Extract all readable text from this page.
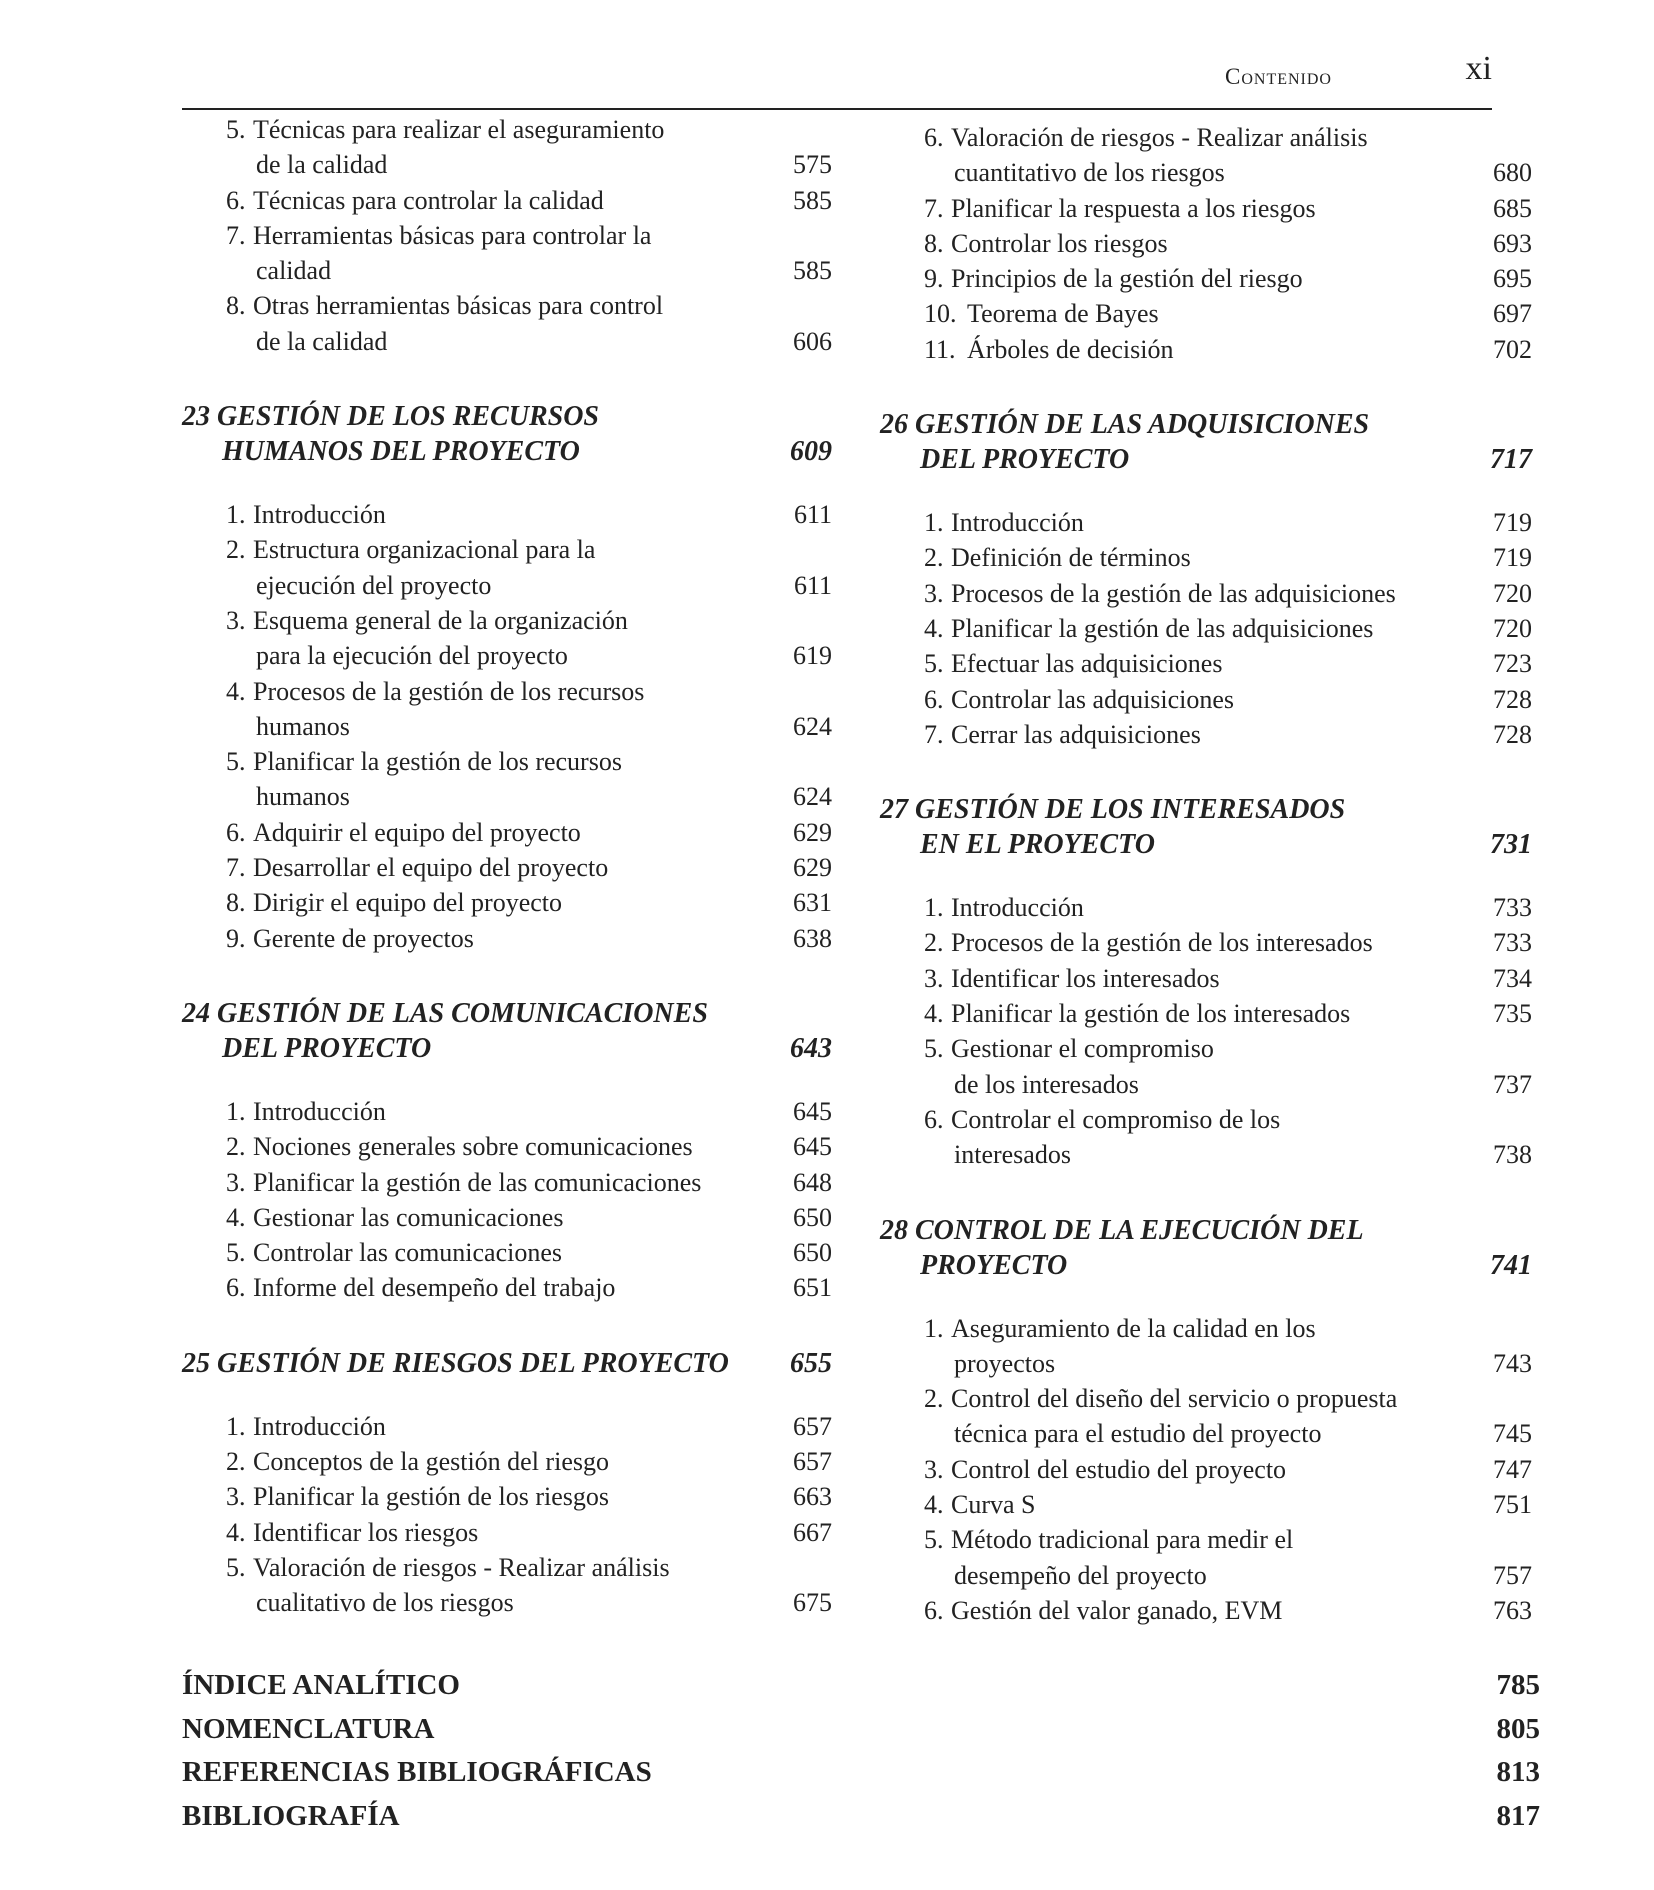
Contenido	xi
5. Técnicas para realizar el aseguramiento
de la calidad	575
6. Técnicas para controlar la calidad	585
7. Herramientas básicas para controlar la
calidad	585
8. Otras herramientas básicas para control
de la calidad	606
23 GESTIÓN DE LOS RECURSOS
HUMANOS DEL PROYECTO	609
1. Introducción	611
2. Estructura organizacional para la
ejecución del proyecto	611
3. Esquema general de la organización
para la ejecución del proyecto	619
4. Procesos de la gestión de los recursos
humanos	624
5. Planificar la gestión de los recursos
humanos	624
6. Adquirir el equipo del proyecto	629
7. Desarrollar el equipo del proyecto	629
8. Dirigir el equipo del proyecto	631
9. Gerente de proyectos	638
24 GESTIÓN DE LAS COMUNICACIONES
DEL PROYECTO	643
1. Introducción	645
2. Nociones generales sobre comunicaciones	645
3. Planificar la gestión de las comunicaciones	648
4. Gestionar las comunicaciones	650
5. Controlar las comunicaciones	650
6. Informe del desempeño del trabajo	651
25 GESTIÓN DE RIESGOS DEL PROYECTO	655
1. Introducción	657
2. Conceptos de la gestión del riesgo	657
3. Planificar la gestión de los riesgos	663
4. Identificar los riesgos	667
5. Valoración de riesgos - Realizar análisis
cualitativo de los riesgos	675
6. Valoración de riesgos - Realizar análisis
cuantitativo de los riesgos	680
7. Planificar la respuesta a los riesgos	685
8. Controlar los riesgos	693
9. Principios de la gestión del riesgo	695
10. Teorema de Bayes	697
11. Árboles de decisión	702
26 GESTIÓN DE LAS ADQUISICIONES
DEL PROYECTO	717
1. Introducción	719
2. Definición de términos	719
3. Procesos de la gestión de las adquisiciones	720
4. Planificar la gestión de las adquisiciones	720
5. Efectuar las adquisiciones	723
6. Controlar las adquisiciones	728
7. Cerrar las adquisiciones	728
27 GESTIÓN DE LOS INTERESADOS
EN EL PROYECTO	731
1. Introducción	733
2. Procesos de la gestión de los interesados	733
3. Identificar los interesados	734
4. Planificar la gestión de los interesados	735
5. Gestionar el compromiso
de los interesados	737
6. Controlar el compromiso de los
interesados	738
28 CONTROL DE LA EJECUCIÓN DEL
PROYECTO	741
1. Aseguramiento de la calidad en los
proyectos	743
2. Control del diseño del servicio o propuesta
técnica para el estudio del proyecto	745
3. Control del estudio del proyecto	747
4. Curva S	751
5. Método tradicional para medir el
desempeño del proyecto	757
6. Gestión del valor ganado, EVM	763
ÍNDICE ANALÍTICO	785
NOMENCLATURA	805
REFERENCIAS BIBLIOGRÁFICAS	813
BIBLIOGRAFÍA	817
